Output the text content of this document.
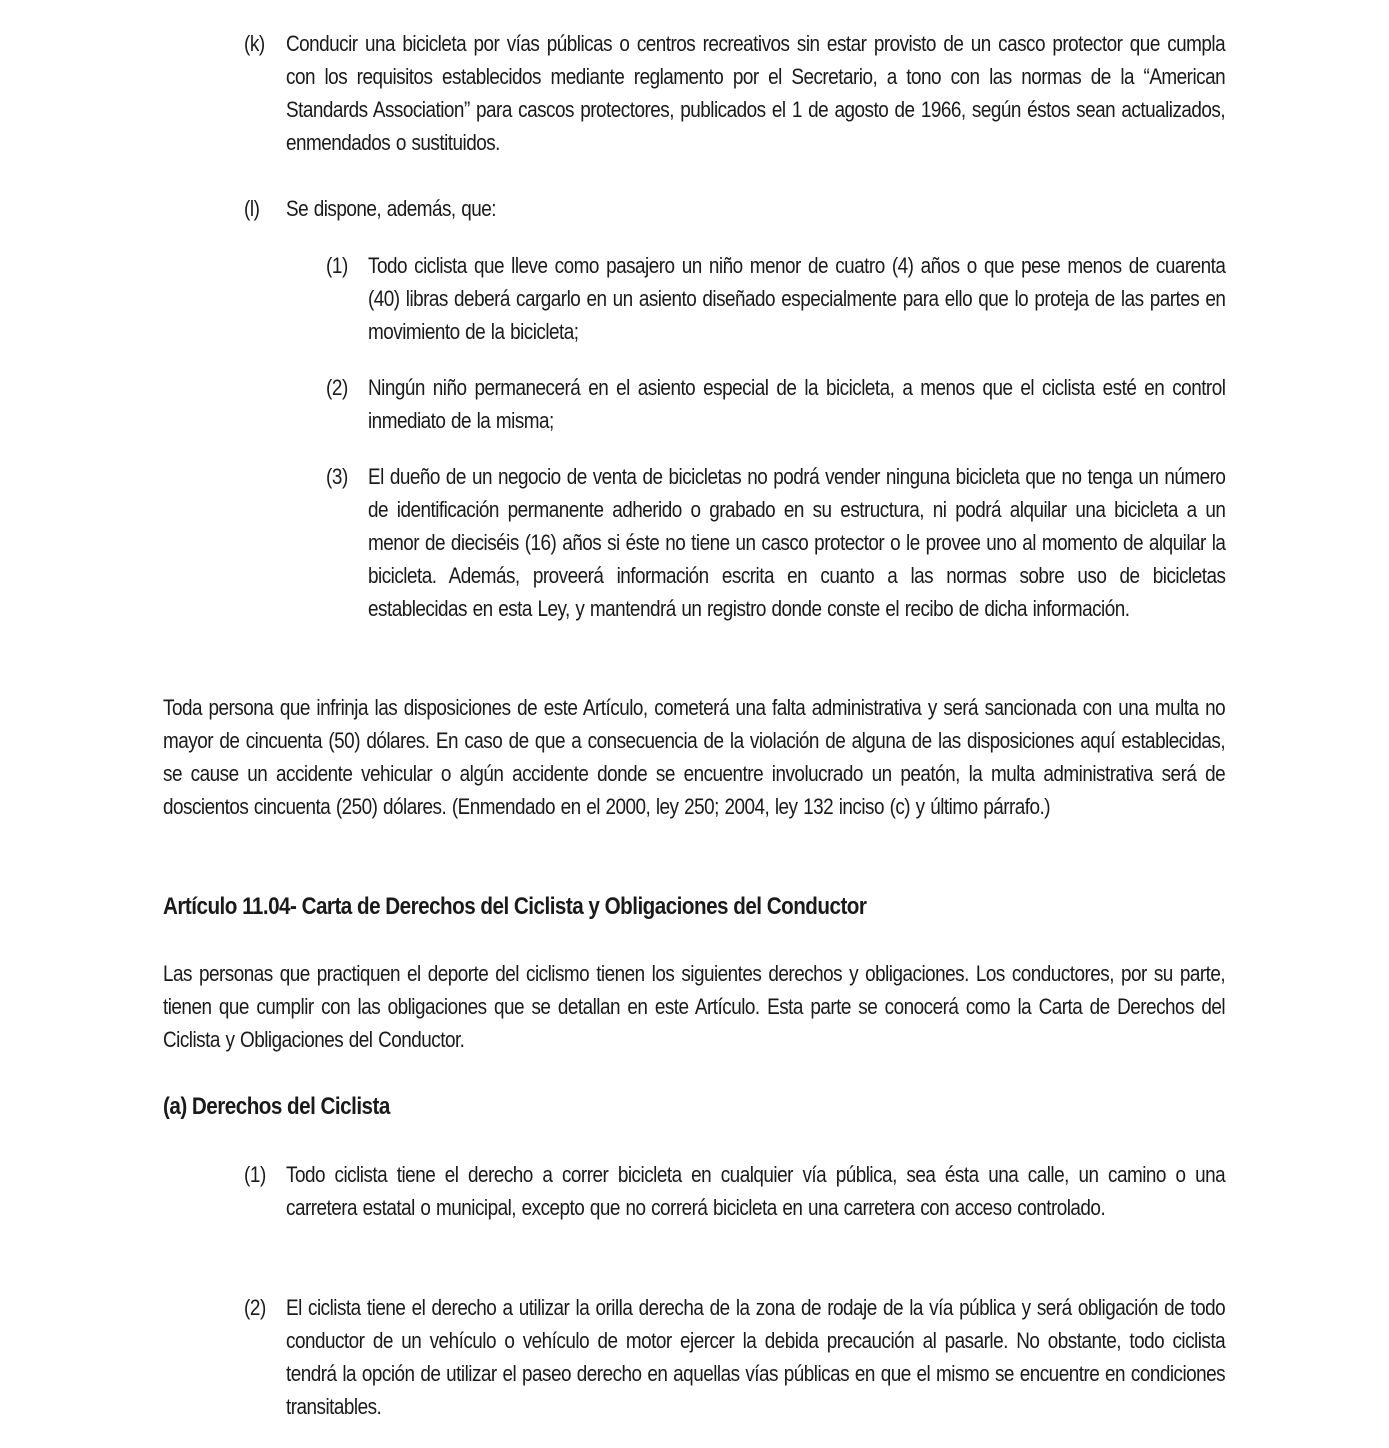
(k) Conducir una bicicleta por vías públicas o centros recreativos sin estar provisto de un casco protector que cumpla con los requisitos establecidos mediante reglamento por el Secretario, a tono con las normas de la “American Standards Association” para cascos protectores, publicados el 1 de agosto de 1966, según éstos sean actualizados, enmendados o sustituidos.
(l) Se dispone, además, que:
(1) Todo ciclista que lleve como pasajero un niño menor de cuatro (4) años o que pese menos de cuarenta (40) libras deberá cargarlo en un asiento diseñado especialmente para ello que lo proteja de las partes en movimiento de la bicicleta;
(2) Ningún niño permanecerá en el asiento especial de la bicicleta, a menos que el ciclista esté en control inmediato de la misma;
(3) El dueño de un negocio de venta de bicicletas no podrá vender ninguna bicicleta que no tenga un número de identificación permanente adherido o grabado en su estructura, ni podrá alquilar una bicicleta a un menor de dieciséis (16) años si éste no tiene un casco protector o le provee uno al momento de alquilar la bicicleta. Además, proveerá información escrita en cuanto a las normas sobre uso de bicicletas establecidas en esta Ley, y mantendrá un registro donde conste el recibo de dicha información.
Toda persona que infrinja las disposiciones de este Artículo, cometerá una falta administrativa y será sancionada con una multa no mayor de cincuenta (50) dólares. En caso de que a consecuencia de la violación de alguna de las disposiciones aquí establecidas, se cause un accidente vehicular o algún accidente donde se encuentre involucrado un peatón, la multa administrativa será de doscientos cincuenta (250) dólares. (Enmendado en el 2000, ley 250; 2004, ley 132 inciso (c) y último párrafo.)
Artículo 11.04- Carta de Derechos del Ciclista y Obligaciones del Conductor
Las personas que practiquen el deporte del ciclismo tienen los siguientes derechos y obligaciones. Los conductores, por su parte, tienen que cumplir con las obligaciones que se detallan en este Artículo. Esta parte se conocerá como la Carta de Derechos del Ciclista y Obligaciones del Conductor.
(a) Derechos del Ciclista
(1) Todo ciclista tiene el derecho a correr bicicleta en cualquier vía pública, sea ésta una calle, un camino o una carretera estatal o municipal, excepto que no correrá bicicleta en una carretera con acceso controlado.
(2) El ciclista tiene el derecho a utilizar la orilla derecha de la zona de rodaje de la vía pública y será obligación de todo conductor de un vehículo o vehículo de motor ejercer la debida precaución al pasarle. No obstante, todo ciclista tendrá la opción de utilizar el paseo derecho en aquellas vías públicas en que el mismo se encuentre en condiciones transitables.
